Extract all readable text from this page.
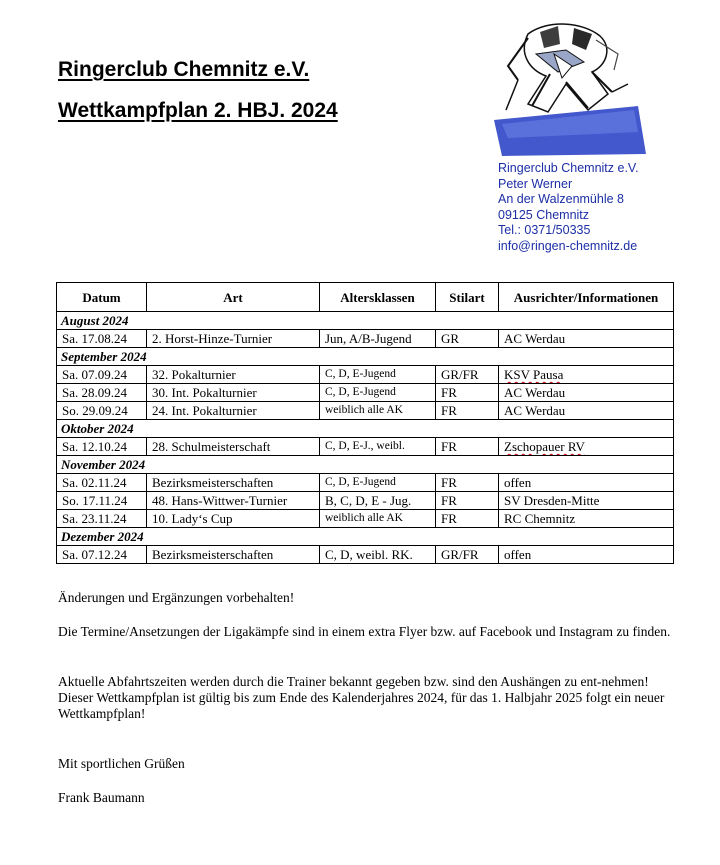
Ringerclub Chemnitz e.V.
Wettkampfplan 2. HBJ. 2024
Ringerclub Chemnitz e.V.
Peter Werner
An der Walzenmühle 8
09125 Chemnitz
Tel.: 0371/50335
info@ringen-chemnitz.de
Datum	Art	Altersklassen	Stilart	Ausrichter/Informationen
August 2024				
Sa. 17.08.24	2. Horst-Hinze-Turnier	Jun, A/B-Jugend	GR	AC Werdau
September 2024				
Sa. 07.09.24	32. Pokalturnier	C, D, E-Jugend	GR/FR	KSV Pausa
Sa. 28.09.24	30. Int. Pokalturnier	C, D, E-Jugend	FR	AC Werdau
So. 29.09.24	24. Int. Pokalturnier	weiblich alle AK	FR	AC Werdau
Oktober 2024				
Sa. 12.10.24	28. Schulmeisterschaft	C, D, E-J., weibl.	FR	Zschopauer RV
November 2024				
Sa. 02.11.24	Bezirksmeisterschaften	C, D, E-Jugend	FR	offen
So. 17.11.24	48. Hans-Wittwer-Turnier	B, C, D, E - Jug.	FR	SV Dresden-Mitte
Sa. 23.11.24	10. Lady‘s Cup	weiblich alle AK	FR	RC Chemnitz
Dezember 2024				
Sa. 07.12.24	Bezirksmeisterschaften	C, D, weibl. RK.	GR/FR	offen

Änderungen und Ergänzungen vorbehalten!

Die Termine/Ansetzungen der Ligakämpfe sind in einem extra Flyer bzw. auf Facebook und Instagram zu finden.

Aktuelle Abfahrtszeiten werden durch die Trainer bekannt gegeben bzw. sind den Aushängen zu ent-nehmen! Dieser Wettkampfplan ist gültig bis zum Ende des Kalenderjahres 2024, für das 1. Halbjahr 2025 folgt ein neuer Wettkampfplan!

Mit sportlichen Grüßen

Frank Baumann
